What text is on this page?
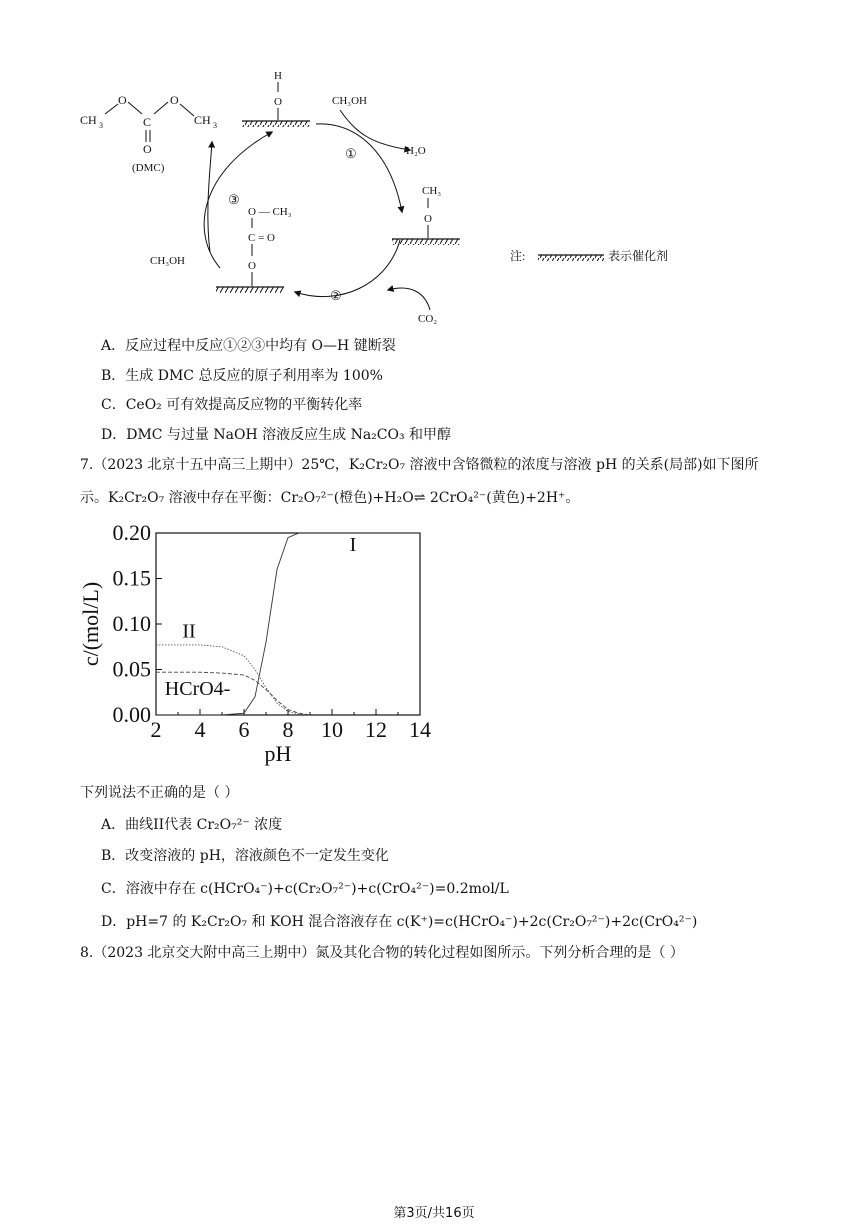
CH 3
O
C
O
CH 3
O
(DMC)
H
O	CH₃OH
H₂O
①
CH₃
O
③
O — CH₃
C = O
O
CH₃OH
②
CO₂
注:	表示催化剂
A．反应过程中反应①②③中均有 O—H 键断裂
B．生成 DMC 总反应的原子利用率为 100%
C．CeO₂ 可有效提高反应物的平衡转化率
D．DMC 与过量 NaOH 溶液反应生成 Na₂CO₃ 和甲醇
7.（2023 北京十五中高三上期中）25℃，K₂Cr₂O₇ 溶液中含铬微粒的浓度与溶液 pH 的关系(局部)如下图所
示。K₂Cr₂O₇ 溶液中存在平衡：Cr₂O₇²⁻(橙色)+H₂O⇌ 2CrO₄²⁻(黄色)+2H⁺。
0.00
0.05
0.10
0.15
0.20
2 4 6 8 10 12 14
pH
c/(mol/L)
I
II
HCrO4-
下列说法不正确的是（ ）
A．曲线II代表 Cr₂O₇²⁻ 浓度
B．改变溶液的 pH，溶液颜色不一定发生变化
C．溶液中存在 c(HCrO₄⁻)+c(Cr₂O₇²⁻)+c(CrO₄²⁻)=0.2mol/L
D．pH=7 的 K₂Cr₂O₇ 和 KOH 混合溶液存在 c(K⁺)=c(HCrO₄⁻)+2c(Cr₂O₇²⁻)+2c(CrO₄²⁻)
8.（2023 北京交大附中高三上期中）氮及其化合物的转化过程如图所示。下列分析合理的是（ ）
第3页/共16页
